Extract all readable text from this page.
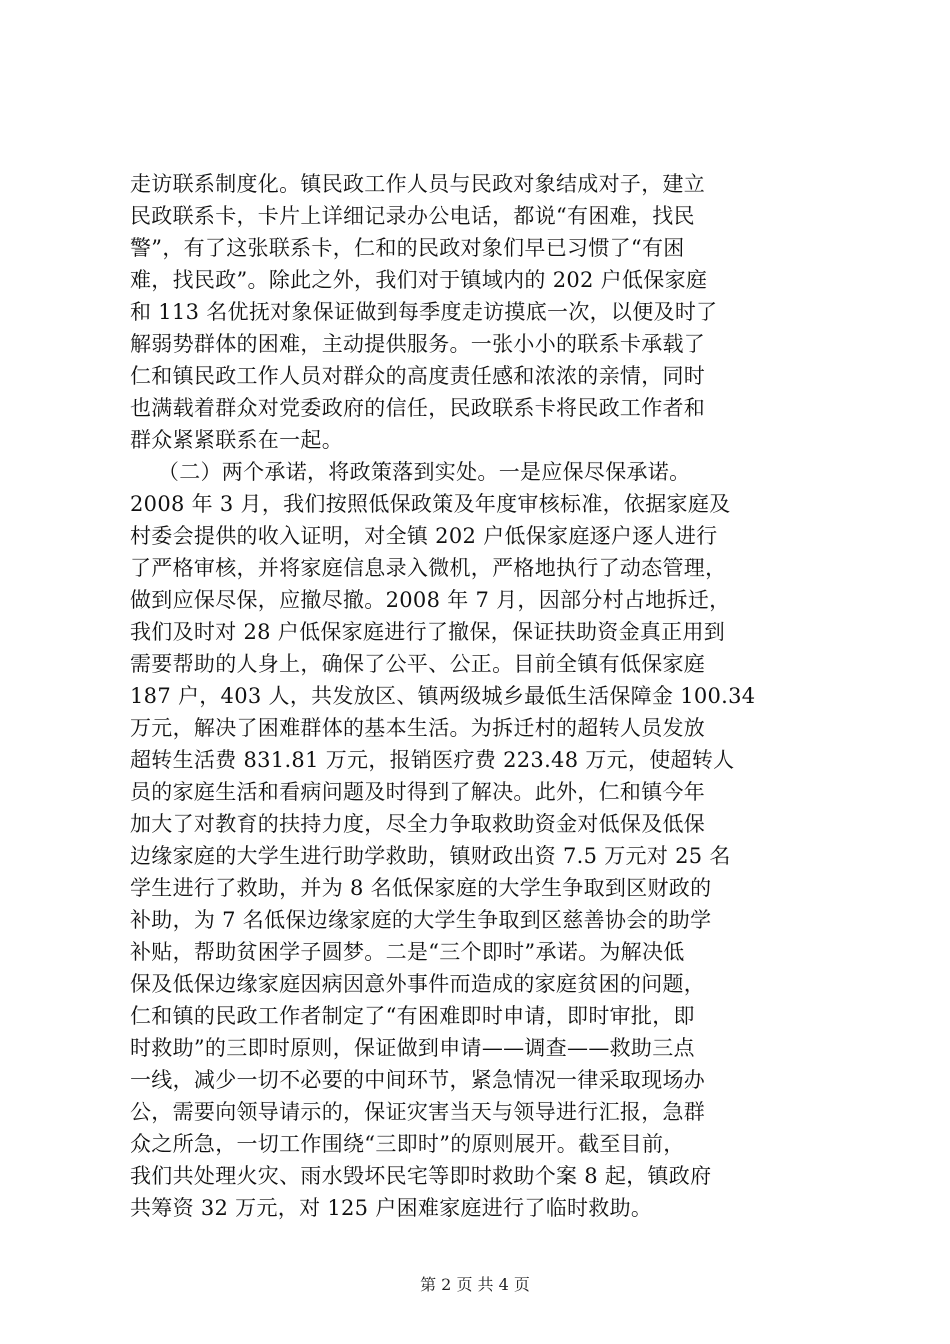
走访联系制度化。镇民政工作人员与民政对象结成对子，建立
民政联系卡，卡片上详细记录办公电话，都说“有困难，找民
警”，有了这张联系卡，仁和的民政对象们早已习惯了“有困
难，找民政”。除此之外，我们对于镇域内的 202 户低保家庭
和 113 名优抚对象保证做到每季度走访摸底一次，以便及时了
解弱势群体的困难，主动提供服务。一张小小的联系卡承载了
仁和镇民政工作人员对群众的高度责任感和浓浓的亲情，同时
也满载着群众对党委政府的信任，民政联系卡将民政工作者和
群众紧紧联系在一起。
（二）两个承诺，将政策落到实处。一是应保尽保承诺。
2008 年 3 月，我们按照低保政策及年度审核标准，依据家庭及
村委会提供的收入证明，对全镇 202 户低保家庭逐户逐人进行
了严格审核，并将家庭信息录入微机，严格地执行了动态管理，
做到应保尽保，应撤尽撤。2008 年 7 月，因部分村占地拆迁，
我们及时对 28 户低保家庭进行了撤保，保证扶助资金真正用到
需要帮助的人身上，确保了公平、公正。目前全镇有低保家庭
187 户，403 人，共发放区、镇两级城乡最低生活保障金 100.34
万元，解决了困难群体的基本生活。为拆迁村的超转人员发放
超转生活费 831.81 万元，报销医疗费 223.48 万元，使超转人
员的家庭生活和看病问题及时得到了解决。此外，仁和镇今年
加大了对教育的扶持力度，尽全力争取救助资金对低保及低保
边缘家庭的大学生进行助学救助，镇财政出资 7.5 万元对 25 名
学生进行了救助，并为 8 名低保家庭的大学生争取到区财政的
补助，为 7 名低保边缘家庭的大学生争取到区慈善协会的助学
补贴，帮助贫困学子圆梦。二是“三个即时”承诺。为解决低
保及低保边缘家庭因病因意外事件而造成的家庭贫困的问题，
仁和镇的民政工作者制定了“有困难即时申请，即时审批，即
时救助”的三即时原则，保证做到申请——调查——救助三点
一线，减少一切不必要的中间环节，紧急情况一律采取现场办
公，需要向领导请示的，保证灾害当天与领导进行汇报，急群
众之所急，一切工作围绕“三即时”的原则展开。截至目前，
我们共处理火灾、雨水毁坏民宅等即时救助个案 8 起，镇政府
共筹资 32 万元，对 125 户困难家庭进行了临时救助。
第 2 页 共 4 页
